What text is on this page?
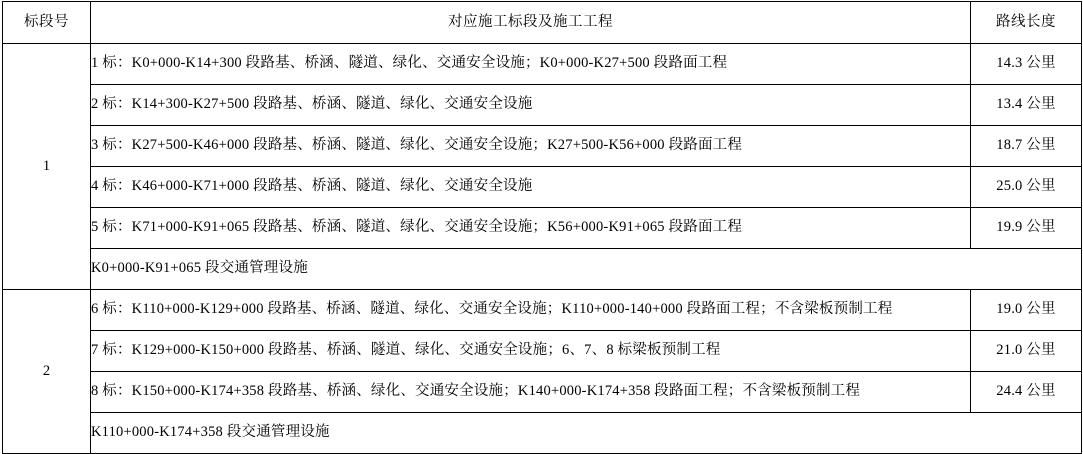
标段号	对应施工标段及施工工程	路线长度
1	1 标：K0+000-K14+300 段路基、桥涵、隧道、绿化、交通安全设施；K0+000-K27+500 段路面工程	14.3 公里
	2 标：K14+300-K27+500 段路基、桥涵、隧道、绿化、交通安全设施	13.4 公里
	3 标：K27+500-K46+000 段路基、桥涵、隧道、绿化、交通安全设施；K27+500-K56+000 段路面工程	18.7 公里
	4 标：K46+000-K71+000 段路基、桥涵、隧道、绿化、交通安全设施	25.0 公里
	5 标：K71+000-K91+065 段路基、桥涵、隧道、绿化、交通安全设施；K56+000-K91+065 段路面工程	19.9 公里
	K0+000-K91+065 段交通管理设施	
2	6 标：K110+000-K129+000 段路基、桥涵、隧道、绿化、交通安全设施；K110+000-140+000 段路面工程；不含梁板预制工程	19.0 公里
	7 标：K129+000-K150+000 段路基、桥涵、隧道、绿化、交通安全设施；6、7、8 标梁板预制工程	21.0 公里
	8 标：K150+000-K174+358 段路基、桥涵、绿化、交通安全设施；K140+000-K174+358 段路面工程；不含梁板预制工程	24.4 公里
	K110+000-K174+358 段交通管理设施	
